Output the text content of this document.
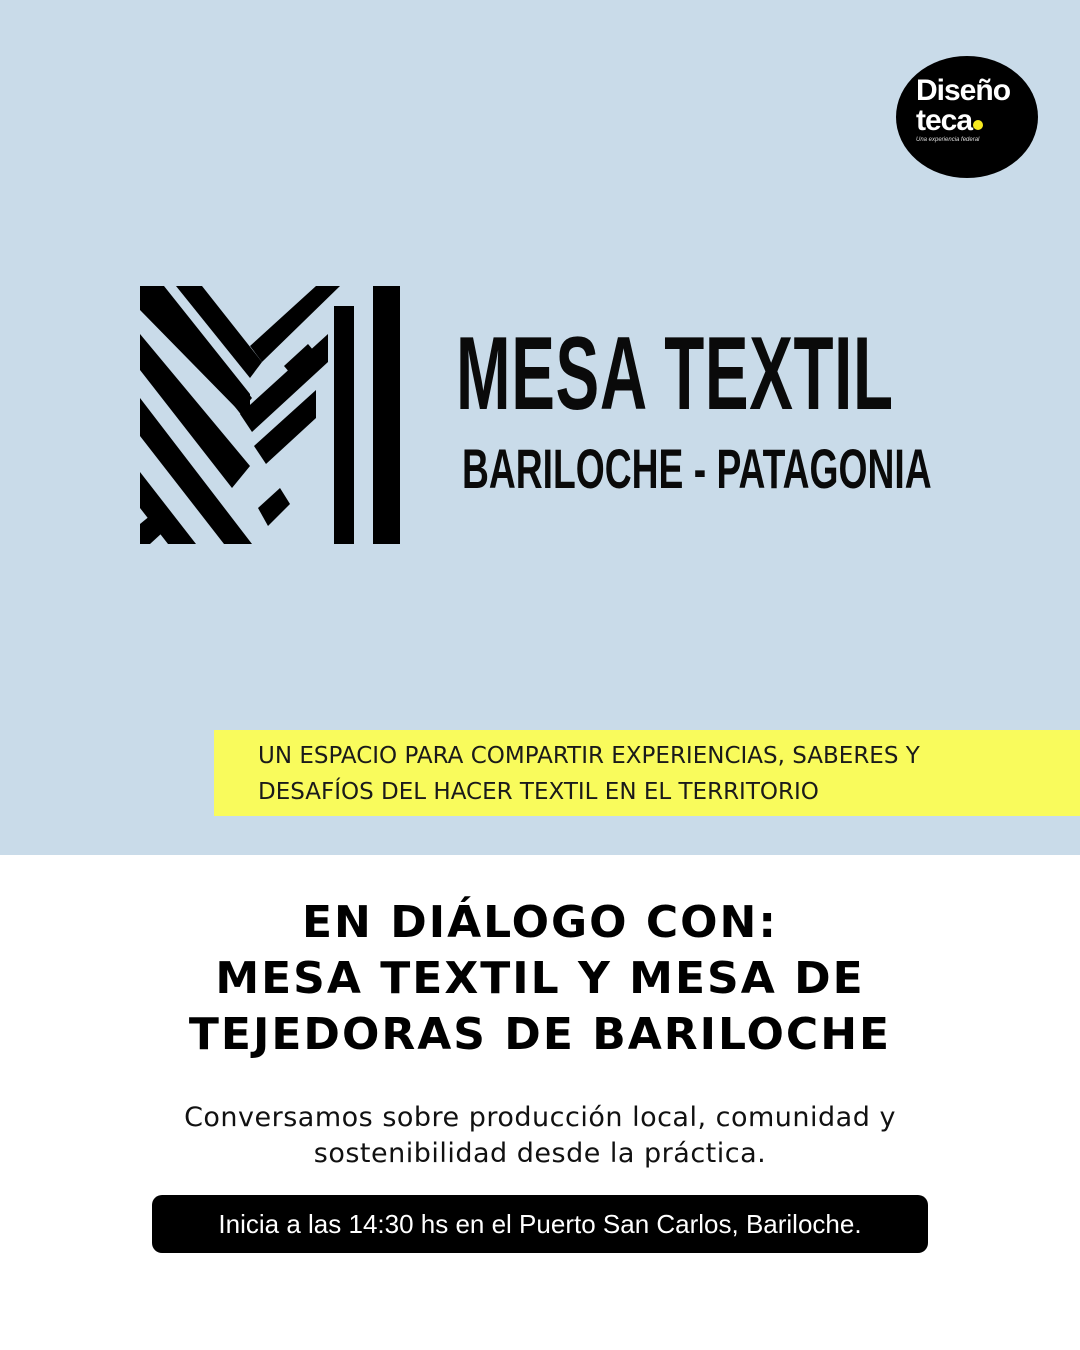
Diseño
teca
Una experiencia federal
MESA TEXTIL
BARILOCHE - PATAGONIA
UN ESPACIO PARA COMPARTIR EXPERIENCIAS, SABERES Y
DESAFÍOS DEL HACER TEXTIL EN EL TERRITORIO
EN DIÁLOGO CON:
MESA TEXTIL Y MESA DE
TEJEDORAS DE BARILOCHE
Conversamos sobre producción local, comunidad y
sostenibilidad desde la práctica.
Inicia a las 14:30 hs en el Puerto San Carlos, Bariloche.
